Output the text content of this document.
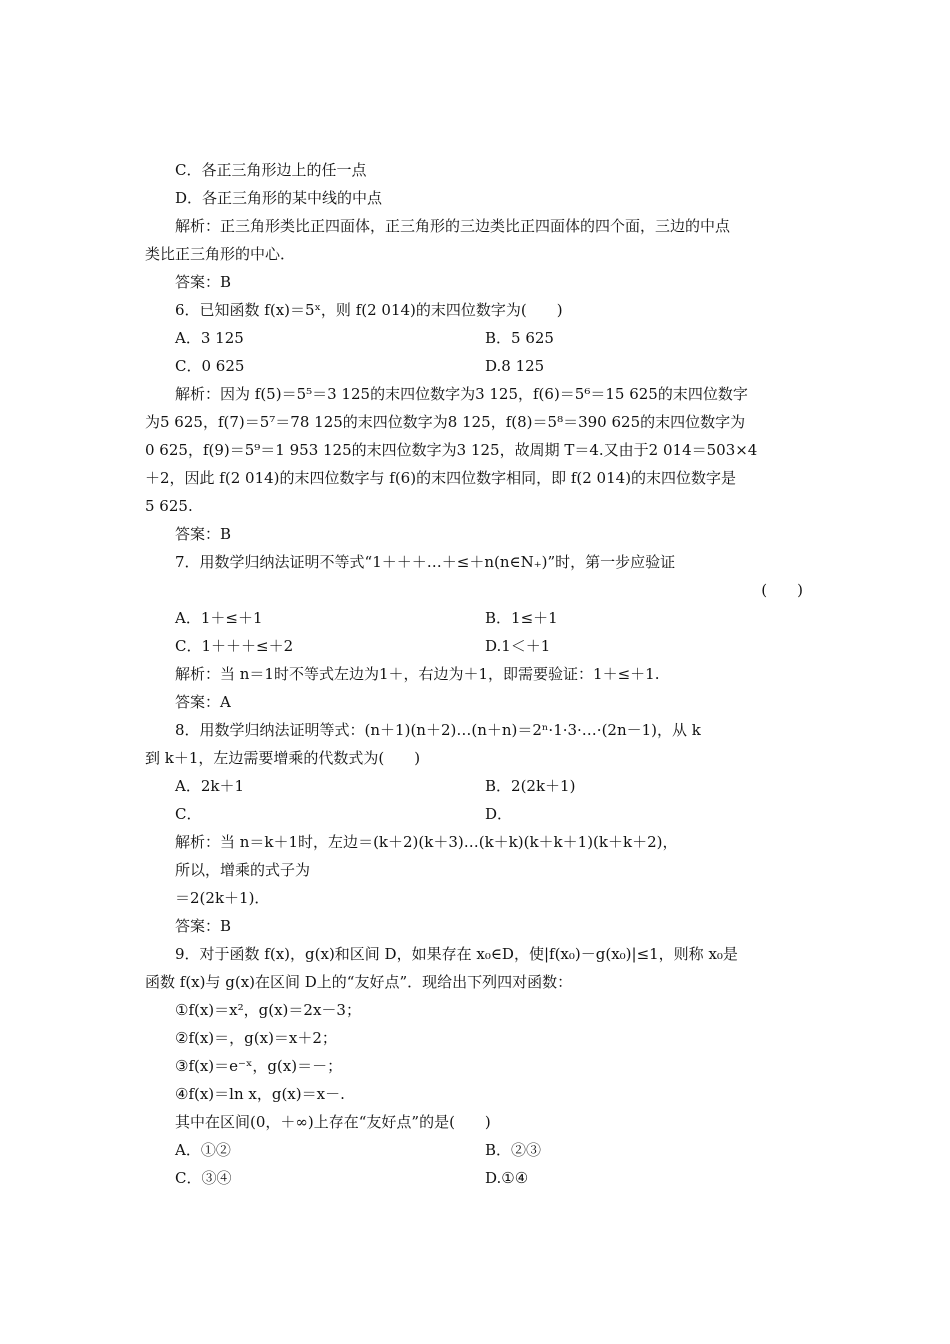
C．各正三角形边上的任一点
D．各正三角形的某中线的中点
解析：正三角形类比正四面体，正三角形的三边类比正四面体的四个面，三边的中点
类比正三角形的中心．
答案：B
6．已知函数 f(x)＝5ˣ，则 f(2 014)的末四位数字为(　　)
A．3 125	B．5 625
C．0 625	D.8 125
解析：因为 f(5)＝5⁵＝3 125的末四位数字为3 125，f(6)＝5⁶＝15 625的末四位数字
为5 625，f(7)＝5⁷＝78 125的末四位数字为8 125，f(8)＝5⁸＝390 625的末四位数字为
0 625，f(9)＝5⁹＝1 953 125的末四位数字为3 125，故周期 T＝4.又由于2 014＝503×4
＋2，因此 f(2 014)的末四位数字与 f(6)的末四位数字相同，即 f(2 014)的末四位数字是
5 625.
答案：B
7．用数学归纳法证明不等式“1＋＋＋…＋≤＋n(n∈N₊)”时，第一步应验证
(　　)
A．1＋≤＋1	B．1≤＋1
C．1＋＋＋≤＋2	D.1＜＋1
解析：当 n＝1时不等式左边为1＋，右边为＋1，即需要验证：1＋≤＋1.
答案：A
8．用数学归纳法证明等式：(n＋1)(n＋2)…(n＋n)＝2ⁿ·1·3·…·(2n－1)，从 k
到 k＋1，左边需要增乘的代数式为(　　)
A．2k＋1	B．2(2k＋1)
C．	D．
解析：当 n＝k＋1时，左边＝(k＋2)(k＋3)…(k＋k)(k＋k＋1)(k＋k＋2)，
所以，增乘的式子为
＝2(2k＋1)．
答案：B
9．对于函数 f(x)，g(x)和区间 D，如果存在 x₀∈D，使|f(x₀)－g(x₀)|≤1，则称 x₀是
函数 f(x)与 g(x)在区间 D上的“友好点”．现给出下列四对函数：
①f(x)＝x²，g(x)＝2x－3；
②f(x)＝，g(x)＝x＋2；
③f(x)＝e⁻ˣ，g(x)＝－；
④f(x)＝ln x，g(x)＝x－.
其中在区间(0，＋∞)上存在“友好点”的是(　　)
A．①②	B．②③
C．③④	D.①④
